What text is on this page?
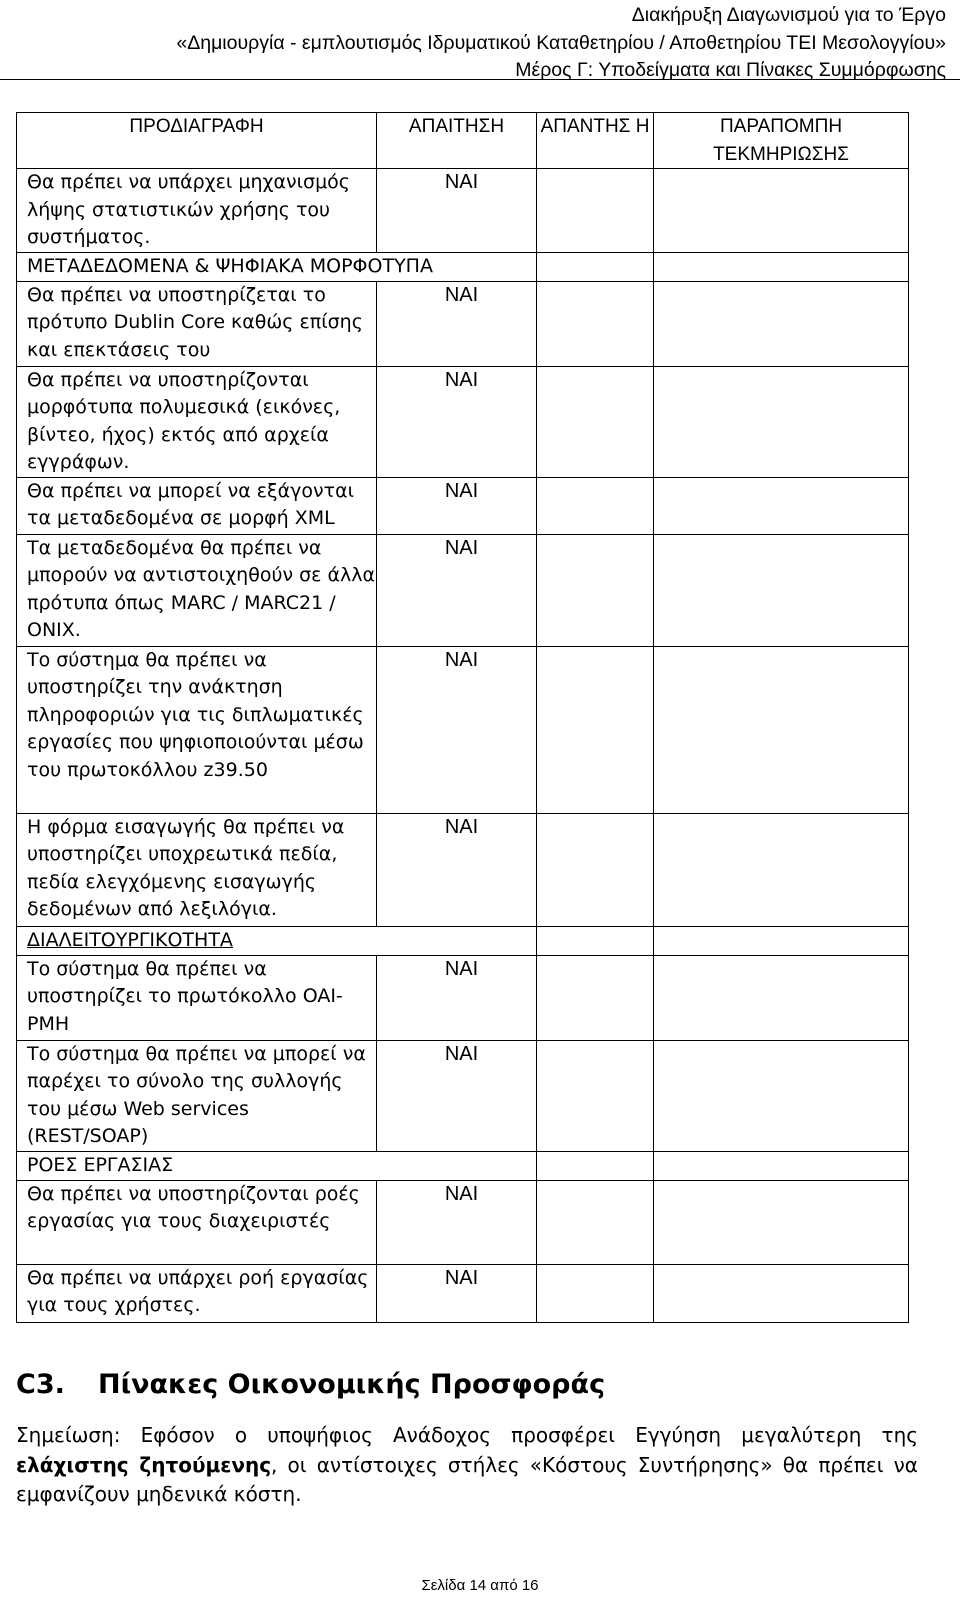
Διακήρυξη Διαγωνισμού για το Έργο
«Δημιουργία - εμπλουτισμός Ιδρυματικού Καταθετηρίου / Αποθετηρίου ΤΕΙ Μεσολογγίου»
Μέρος Γ: Υποδείγματα και Πίνακες Συμμόρφωσης
ΠΡΟΔΙΑΓΡΑΦΗ	ΑΠΑΙΤΗΣΗ	ΑΠΑΝΤΗΣ Η	ΠΑΡΑΠΟΜΠΗ ΤΕΚΜΗΡΙΩΣΗΣ
Θα πρέπει να υπάρχει μηχανισμός λήψης στατιστικών χρήσης του συστήματος.	ΝΑΙ		
ΜΕΤΑΔΕΔΟΜΕΝΑ & ΨΗΦΙΑΚΑ ΜΟΡΦΟΤΥΠΑ			
Θα πρέπει να υποστηρίζεται το πρότυπο Dublin Core καθώς επίσης και επεκτάσεις του	ΝΑΙ		
Θα πρέπει να υποστηρίζονται μορφότυπα πολυμεσικά (εικόνες, βίντεο, ήχος) εκτός από αρχεία εγγράφων.	ΝΑΙ		
Θα πρέπει να μπορεί να εξάγονται τα μεταδεδομένα σε μορφή XML	ΝΑΙ		
Τα μεταδεδομένα θα πρέπει να μπορούν να αντιστοιχηθούν σε άλλα πρότυπα όπως MARC / MARC21 / ONIX.	ΝΑΙ		
Το σύστημα θα πρέπει να υποστηρίζει την ανάκτηση πληροφοριών για τις διπλωματικές εργασίες που ψηφιοποιούνται μέσω του πρωτοκόλλου z39.50	ΝΑΙ		
Η φόρμα εισαγωγής θα πρέπει να υποστηρίζει υποχρεωτικά πεδία, πεδία ελεγχόμενης εισαγωγής δεδομένων από λεξιλόγια.	ΝΑΙ		
ΔΙΑΛΕΙΤΟΥΡΓΙΚΟΤΗΤΑ			
Το σύστημα θα πρέπει να υποστηρίζει το πρωτόκολλο OAI-PMH	ΝΑΙ		
Το σύστημα θα πρέπει να μπορεί να παρέχει το σύνολο της συλλογής του μέσω Web services (REST/SOAP)	ΝΑΙ		
ΡΟΕΣ ΕΡΓΑΣΙΑΣ			
Θα πρέπει να υποστηρίζονται ροές εργασίας για τους διαχειριστές	ΝΑΙ		
Θα πρέπει να υπάρχει ροή εργασίας για τους χρήστες.	ΝΑΙ		
C3. Πίνακες Οικονομικής Προσφοράς
Σημείωση: Εφόσον ο υποψήφιος Ανάδοχος προσφέρει Εγγύηση μεγαλύτερη της ελάχιστης ζητούμενης, οι αντίστοιχες στήλες «Κόστους Συντήρησης» θα πρέπει να εμφανίζουν μηδενικά κόστη.
Σελίδα 14 από 16
